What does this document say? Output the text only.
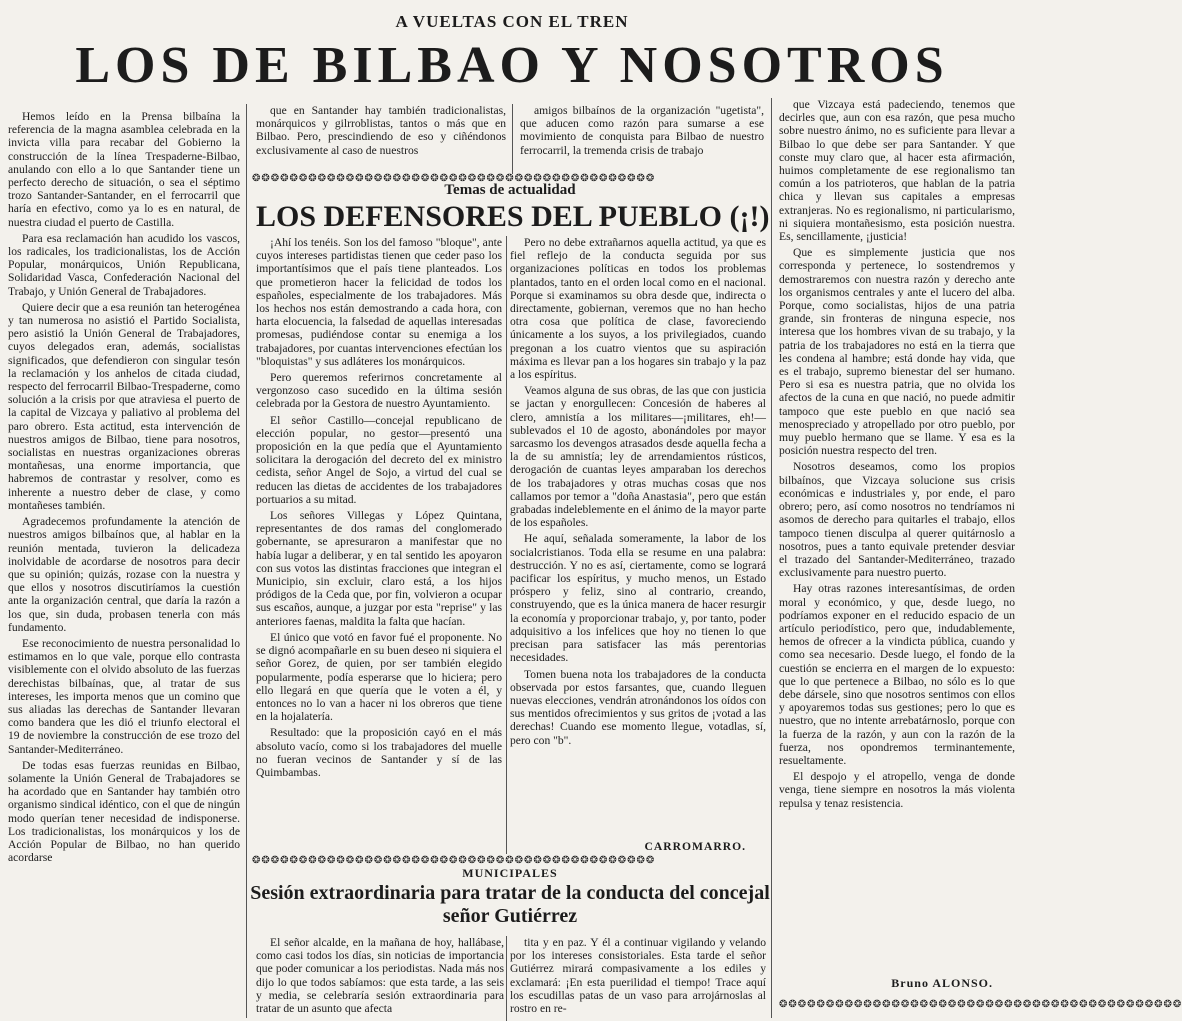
A VUELTAS CON EL TREN
LOS DE BILBAO Y NOSOTROS

Hemos leído en la Prensa bilbaína la referencia de la magna asamblea celebrada en la invicta villa para recabar del Gobierno la construcción de la línea Trespaderne-Bilbao, anulando con ello a lo que Santander tiene un perfecto derecho de situación, o sea el séptimo trozo Santander-Santander, en el ferrocarril que haría en efectivo, como ya lo es en natural, de nuestra ciudad el puerto de Castilla.

Para esa reclamación han acudido los vascos, los radicales, los tradicionalistas, los de Acción Popular, monárquicos, Unión Republicana, Solidaridad Vasca, Confederación Nacional del Trabajo, y Unión General de Trabajadores.

Quiere decir que a esa reunión tan heterogénea y tan numerosa no asistió el Partido Socialista, pero asistió la Unión General de Trabajadores, cuyos delegados eran, además, socialistas significados, que defendieron con singular tesón la reclamación y los anhelos de citada ciudad, respecto del ferrocarril Bilbao-Trespaderne, como solución a la crisis por que atraviesa el puerto de la capital de Vizcaya y paliativo al problema del paro obrero. Esta actitud, esta intervención de nuestros amigos de Bilbao, tiene para nosotros, socialistas en nuestras organizaciones obreras montañesas, una enorme importancia, que habremos de contrastar y resolver, como es inherente a nuestro deber de clase, y como montañeses también.

Agradecemos profundamente la atención de nuestros amigos bilbaínos que, al hablar en la reunión mentada, tuvieron la delicadeza inolvidable de acordarse de nosotros para decir que su opinión; quizás, rozase con la nuestra y que ellos y nosotros discutiríamos la cuestión ante la organización central, que daría la razón a los que, sin duda, probasen tenerla con más fundamento.

Ese reconocimiento de nuestra personalidad lo estimamos en lo que vale, porque ello contrasta visiblemente con el olvido absoluto de las fuerzas derechistas bilbaínas, que, al tratar de sus intereses, les importa menos que un comino que sus aliadas las derechas de Santander llevaran como bandera que les dió el triunfo electoral el 19 de noviembre la construcción de ese trozo del Santander-Mediterráneo.

De todas esas fuerzas reunidas en Bilbao, solamente la Unión General de Trabajadores se ha acordado que en Santander hay también otro organismo sindical idéntico, con el que de ningún modo querían tener necesidad de indisponerse. Los tradicionalistas, los monárquicos y los de Acción Popular de Bilbao, no han querido acordarse

que en Santander hay también tradicionalistas, monárquicos y gilrroblistas, tantos o más que en Bilbao. Pero, prescindiendo de eso y ciñéndonos exclusivamente al caso de nuestros

amigos bilbaínos de la organización "ugetista", que aducen como razón para sumarse a ese movimiento de conquista para Bilbao de nuestro ferrocarril, la tremenda crisis de trabajo

❂❂❂❂❂❂❂❂❂❂❂❂❂❂❂❂❂❂❂❂❂❂❂❂❂❂❂❂❂❂❂❂❂❂❂❂❂❂❂❂❂❂❂
Temas de actualidad
LOS DEFENSORES DEL PUEBLO (¡!)

¡Ahí los tenéis. Son los del famoso "bloque", ante cuyos intereses partidistas tienen que ceder paso los importantísimos que el país tiene planteados. Los que prometieron hacer la felicidad de todos los españoles, especialmente de los trabajadores. Más los hechos nos están demostrando a cada hora, con harta elocuencia, la falsedad de aquellas interesadas promesas, pudiéndose contar su enemiga a los trabajadores, por cuantas intervenciones efectúan los "bloquistas" y sus adláteres los monárquicos.

Pero queremos referirnos concretamente al vergonzoso caso sucedido en la última sesión celebrada por la Gestora de nuestro Ayuntamiento.

El señor Castillo—concejal republicano de elección popular, no gestor—presentó una proposición en la que pedía que el Ayuntamiento solicitara la derogación del decreto del ex ministro cedista, señor Angel de Sojo, a virtud del cual se reducen las dietas de accidentes de los trabajadores portuarios a su mitad.

Los señores Villegas y López Quintana, representantes de dos ramas del conglomerado gobernante, se apresuraron a manifestar que no había lugar a deliberar, y en tal sentido les apoyaron con sus votos las distintas fracciones que integran el Municipio, sin excluir, claro está, a los hijos pródigos de la Ceda que, por fin, volvieron a ocupar sus escaños, aunque, a juzgar por esta "reprise" y las anteriores faenas, maldita la falta que hacían.

El único que votó en favor fué el proponente. No se dignó acompañarle en su buen deseo ni siquiera el señor Gorez, de quien, por ser también elegido popularmente, podía esperarse que lo hiciera; pero ello llegará en que quería que le voten a él, y entonces no lo van a hacer ni los obreros que tiene en la hojalatería.

Resultado: que la proposición cayó en el más absoluto vacío, como si los trabajadores del muelle no fueran vecinos de Santander y sí de las Quimbambas.

Pero no debe extrañarnos aquella actitud, ya que es fiel reflejo de la conducta seguida por sus organizaciones políticas en todos los problemas plantados, tanto en el orden local como en el nacional. Porque si examinamos su obra desde que, indirecta o directamente, gobiernan, veremos que no han hecho otra cosa que política de clase, favoreciendo únicamente a los suyos, a los privilegiados, cuando pregonan a los cuatro vientos que su aspiración máxima es llevar pan a los hogares sin trabajo y la paz a los espíritus.

Veamos alguna de sus obras, de las que con justicia se jactan y enorgullecen: Concesión de haberes al clero, amnistía a los militares—¡militares, eh!—sublevados el 10 de agosto, abonándoles por mayor sarcasmo los devengos atrasados desde aquella fecha a la de su amnistía; ley de arrendamientos rústicos, derogación de cuantas leyes amparaban los derechos de los trabajadores y otras muchas cosas que nos callamos por temor a "doña Anastasia", pero que están grabadas indeleblemente en el ánimo de la mayor parte de los españoles.

He aquí, señalada someramente, la labor de los socialcristianos. Toda ella se resume en una palabra: destrucción. Y no es así, ciertamente, como se logrará pacificar los espíritus, y mucho menos, un Estado próspero y feliz, sino al contrario, creando, construyendo, que es la única manera de hacer resurgir la economía y proporcionar trabajo, y, por tanto, poder adquisitivo a los infelices que hoy no tienen lo que precisan para satisfacer las más perentorias necesidades.

Tomen buena nota los trabajadores de la conducta observada por estos farsantes, que, cuando lleguen nuevas elecciones, vendrán atronándonos los oídos con sus mentidos ofrecimientos y sus gritos de ¡votad a las derechas! Cuando ese momento llegue, votadlas, sí, pero con "b".

CARROMARRO.
❂❂❂❂❂❂❂❂❂❂❂❂❂❂❂❂❂❂❂❂❂❂❂❂❂❂❂❂❂❂❂❂❂❂❂❂❂❂❂❂❂❂❂
MUNICIPALES
Sesión extraordinaria para tratar de la conducta del concejal señor Gutiérrez

El señor alcalde, en la mañana de hoy, hallábase, como casi todos los días, sin noticias de importancia que poder comunicar a los periodistas. Nada más nos dijo lo que todos sabíamos: que esta tarde, a las seis y media, se celebraría sesión extraordinaria para tratar de un asunto que afecta

tita y en paz. Y él a continuar vigilando y velando por los intereses consistoriales. Esta tarde el señor Gutiérrez mirará compasivamente a los ediles y exclamará: ¡En esta puerilidad el tiempo! Trace aquí los escudillas patas de un vaso para arrojárnoslas al rostro en re-

que Vizcaya está padeciendo, tenemos que decirles que, aun con esa razón, que pesa mucho sobre nuestro ánimo, no es suficiente para llevar a Bilbao lo que debe ser para Santander. Y que conste muy claro que, al hacer esta afirmación, huimos completamente de ese regionalismo tan común a los patrioteros, que hablan de la patria chica y llevan sus capitales a empresas extranjeras. No es regionalismo, ni particularismo, ni siquiera montañesismo, esta posición nuestra. Es, sencillamente, ¡justicia!

Que es simplemente justicia que nos corresponda y pertenece, lo sostendremos y demostraremos con nuestra razón y derecho ante los organismos centrales y ante el lucero del alba. Porque, como socialistas, hijos de una patria grande, sin fronteras de ninguna especie, nos interesa que los hombres vivan de su trabajo, y la patria de los trabajadores no está en la tierra que les condena al hambre; está donde hay vida, que es el trabajo, supremo bienestar del ser humano. Pero si esa es nuestra patria, que no olvida los afectos de la cuna en que nació, no puede admitir tampoco que este pueblo en que nació sea menospreciado y atropellado por otro pueblo, por muy pueblo hermano que se llame. Y esa es la posición nuestra respecto del tren.

Nosotros deseamos, como los propios bilbaínos, que Vizcaya solucione sus crisis económicas e industriales y, por ende, el paro obrero; pero, así como nosotros no tendríamos ni asomos de derecho para quitarles el trabajo, ellos tampoco tienen disculpa al querer quitárnoslo a nosotros, pues a tanto equivale pretender desviar el trazado del Santander-Mediterráneo, trazado exclusivamente para nuestro puerto.

Hay otras razones interesantísimas, de orden moral y económico, y que, desde luego, no podríamos exponer en el reducido espacio de un artículo periodístico, pero que, indudablemente, hemos de ofrecer a la vindicta pública, cuando y como sea necesario. Desde luego, el fondo de la cuestión se encierra en el margen de lo expuesto: que lo que pertenece a Bilbao, no sólo es lo que debe dársele, sino que nosotros sentimos con ellos y apoyaremos todas sus gestiones; pero lo que es nuestro, que no intente arrebatárnoslo, porque con la fuerza de la razón, y aun con la razón de la fuerza, nos opondremos terminantemente, resueltamente.

El despojo y el atropello, venga de donde venga, tiene siempre en nosotros la más violenta repulsa y tenaz resistencia.

Bruno ALONSO.
❂❂❂❂❂❂❂❂❂❂❂❂❂❂❂❂❂❂❂❂❂❂❂❂❂❂❂❂❂❂❂❂❂❂❂❂❂❂❂❂❂❂❂
